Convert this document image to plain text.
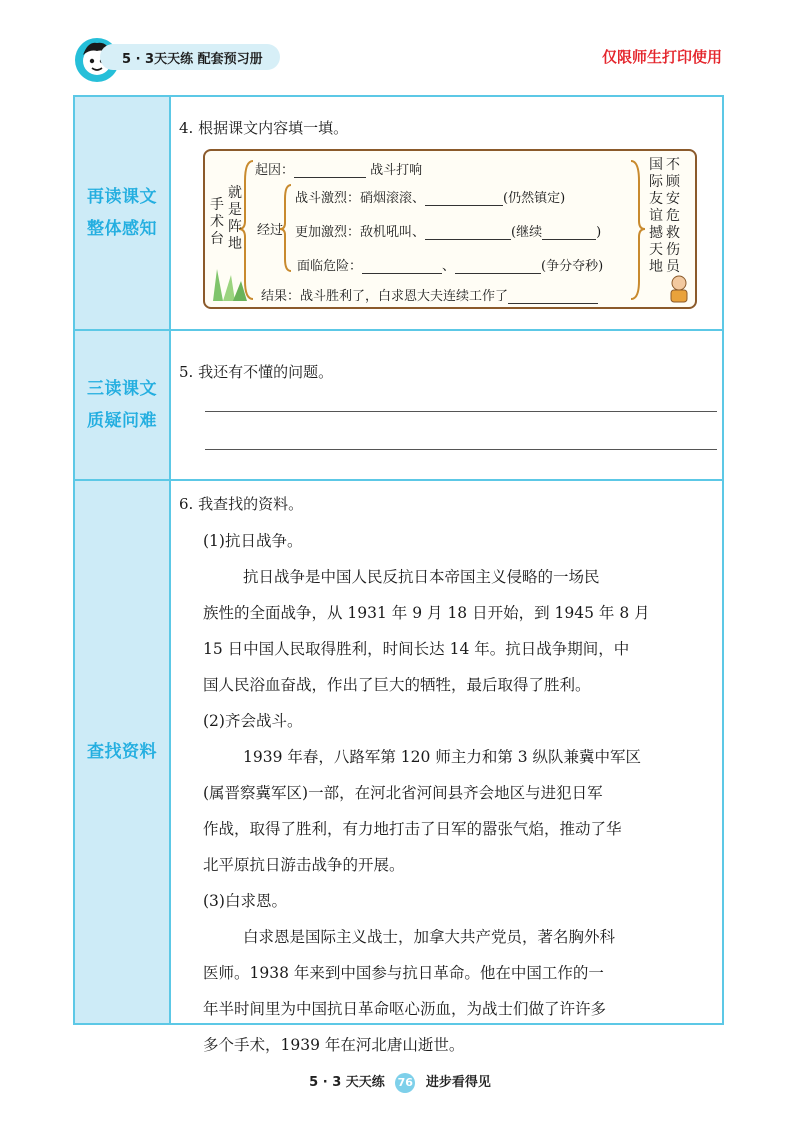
5 · 3天天练 配套预习册	仅限师生打印使用
再读课文
整体感知
4. 根据课文内容填一填。
手术台
就是阵地
起因：	战斗打响
经过
战斗激烈：硝烟滚滚、	(仍然镇定)
更加激烈：敌机吼叫、	(继续	)
面临危险：	、	(争分夺秒)
结果：战斗胜利了，白求恩大夫连续工作了
国际友谊撼天地
不顾安危救伤员
三读课文
质疑问难
5. 我还有不懂的问题。
查找资料
6. 我查找的资料。
(1)抗日战争。
抗日战争是中国人民反抗日本帝国主义侵略的一场民
族性的全面战争，从 1931 年 9 月 18 日开始，到 1945 年 8 月
15 日中国人民取得胜利，时间长达 14 年。抗日战争期间，中
国人民浴血奋战，作出了巨大的牺牲，最后取得了胜利。
(2)齐会战斗。
1939 年春，八路军第 120 师主力和第 3 纵队兼冀中军区
(属晋察冀军区)一部，在河北省河间县齐会地区与进犯日军
作战，取得了胜利，有力地打击了日军的嚣张气焰，推动了华
北平原抗日游击战争的开展。
(3)白求恩。
白求恩是国际主义战士，加拿大共产党员，著名胸外科
医师。1938 年来到中国参与抗日革命。他在中国工作的一
年半时间里为中国抗日革命呕心沥血，为战士们做了许许多
多个手术，1939 年在河北唐山逝世。
5 · 3 天天练 76 进步看得见
